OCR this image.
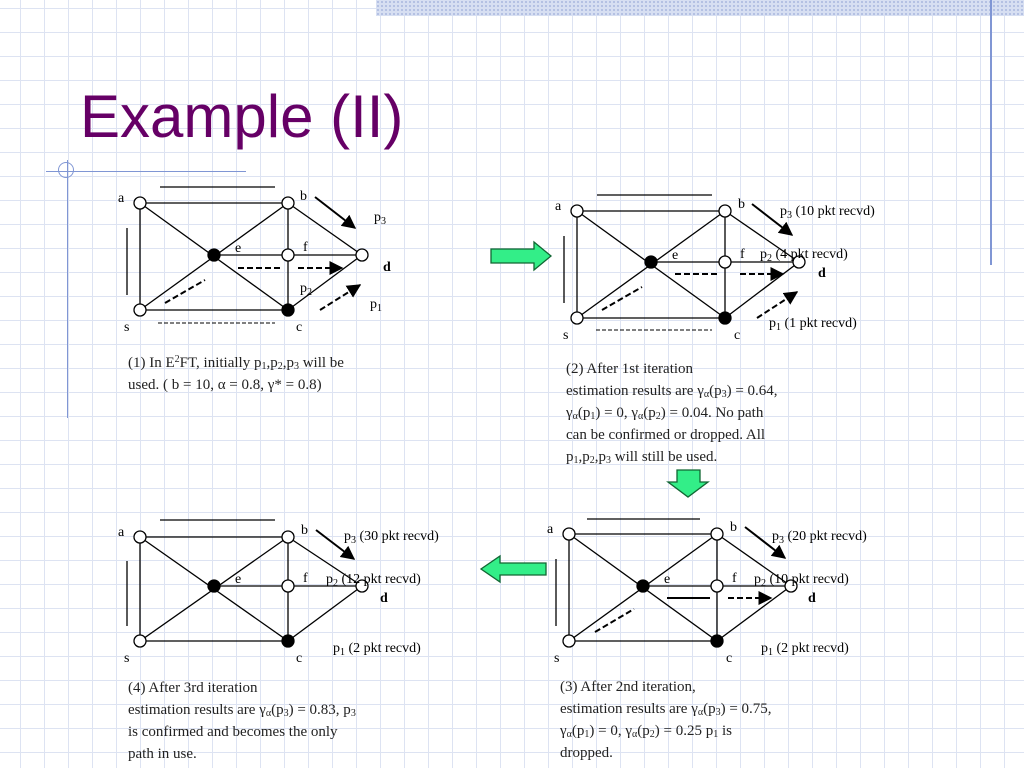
Example (II)
a	b
e	f
s	c
d
$p_3$
$p_2$
$p_1$
a	b
e	f
s	c
d
$p_3$ (10 pkt recvd)
$p_2$ (4 pkt recvd)
$p_1$ (1 pkt recvd)
a	b
e	f
s	c
d
$p_3$ (20 pkt recvd)
$p_2$ (10 pkt recvd)
$p_1$ (2 pkt recvd)
a	b
e	f
s	c
d
$p_3$ (30 pkt recvd)
$p_2$ (12 pkt recvd)
$p_1$ (2 pkt recvd)
(1) In $E^2FT$, initially $p_1,p_2,p_3$ will be
used. ( b = 10, α = 0.8, γ* = 0.8)
(2) After 1st iteration
estimation results are $\gamma_\alpha(p_3) = 0.64$,
$\gamma_\alpha(p_1) = 0$, $\gamma_\alpha(p_2) = 0.04$. No path
can be confirmed or dropped. All
$p_1,p_2,p_3$ will still be used.
(3) After 2nd iteration,
estimation results are $\gamma_\alpha(p_3) = 0.75$,
$\gamma_\alpha(p_1) = 0$, $\gamma_\alpha(p_2) = 0.25$ $p_1$ is
dropped.
(4) After 3rd iteration
estimation results are $\gamma_\alpha(p_3) = 0.83$, $p_3$
is confirmed and becomes the only
path in use.
